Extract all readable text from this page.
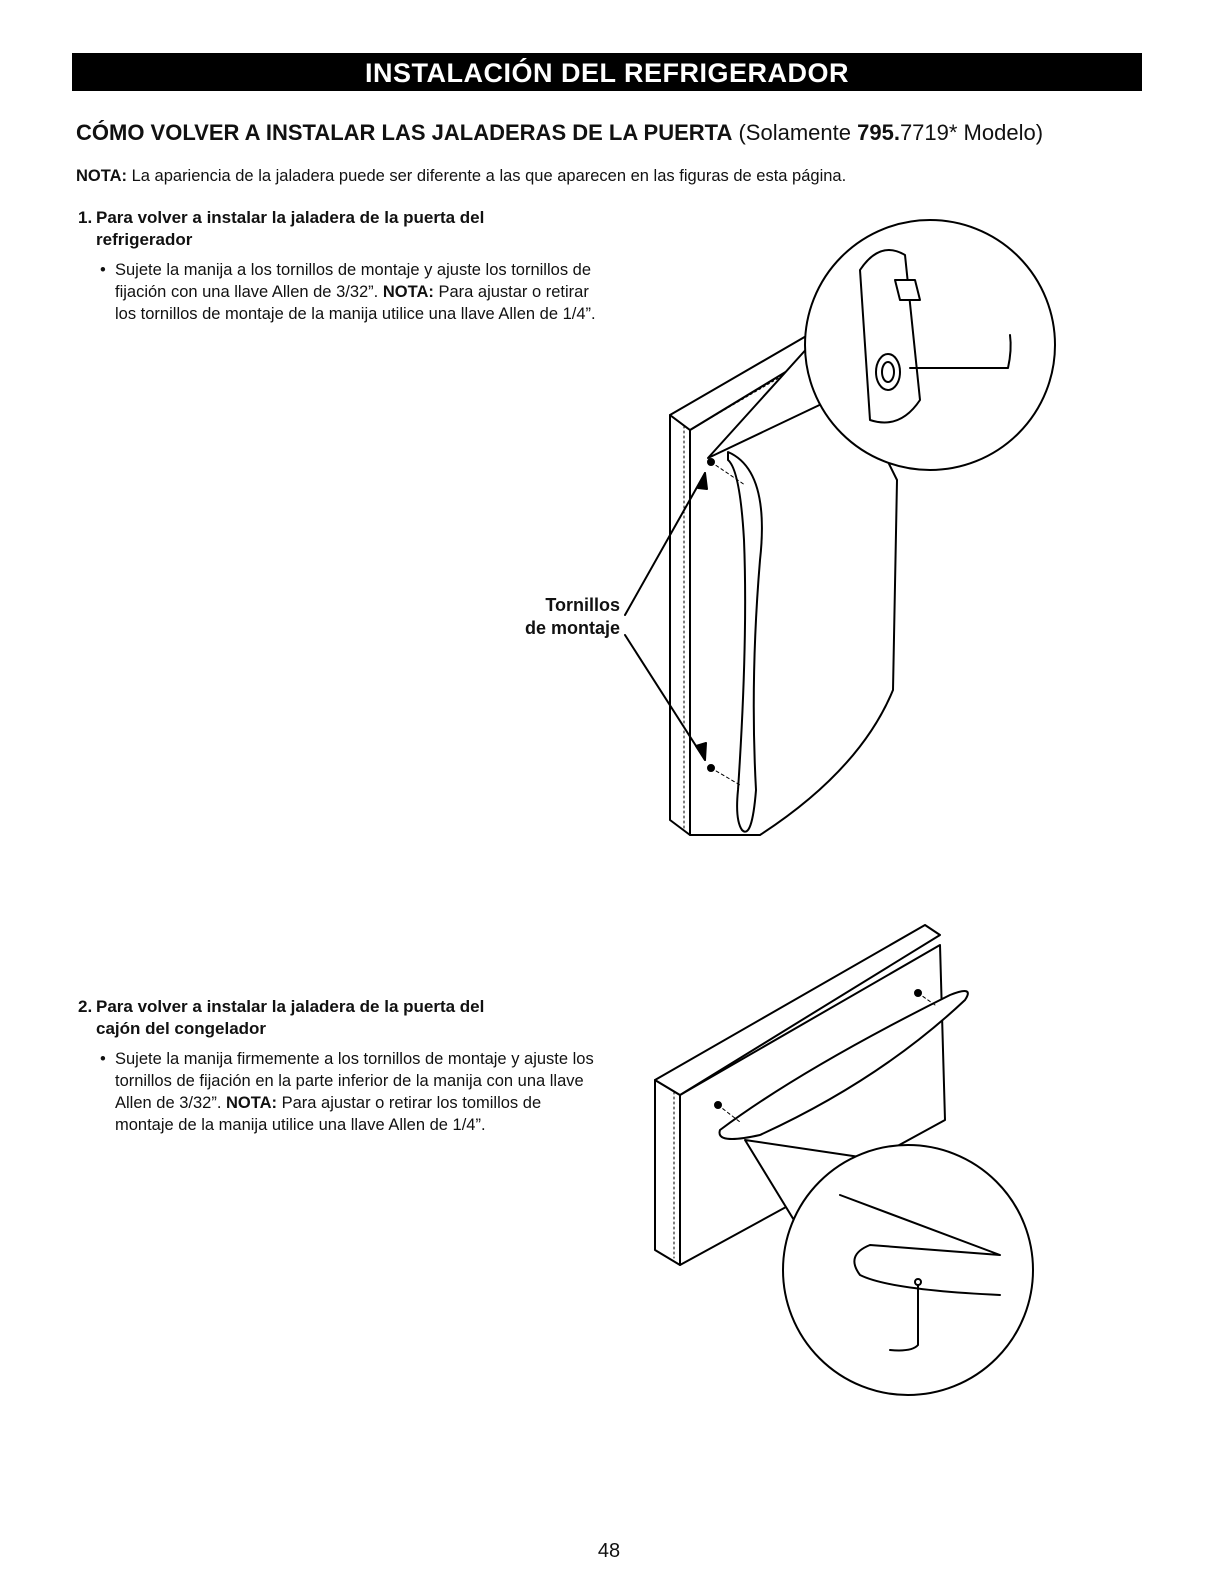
INSTALACIÓN DEL REFRIGERADOR
CÓMO VOLVER A INSTALAR LAS JALADERAS DE LA PUERTA (Solamente 795.7719* Modelo)
NOTA: La apariencia de la jaladera puede ser diferente a las que aparecen en las figuras de esta página.

1. Para volver a instalar la jaladera de la puerta del
refrigerador

• Sujete la manija a los tornillos de montaje y ajuste los tornillos de fijación con una llave Allen de 3/32”. NOTA: Para ajustar o retirar los tornillos de montaje de la manija utilice una llave Allen de 1/4”.

2. Para volver a instalar la jaladera de la puerta del
cajón del congelador

• Sujete la manija firmemente a los tornillos de montaje y ajuste los tornillos de fijación en la parte inferior de la manija con una llave Allen de 3/32”. NOTA: Para ajustar o retirar los tomillos de montaje de la manija utilice una llave Allen de 1/4”.
Tornillos
de montaje
48
